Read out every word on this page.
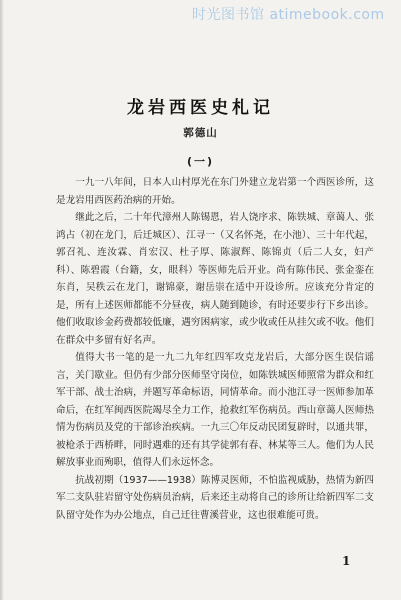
时光图书馆 atimebook.com
龙岩西医史札记
郭德山
(一)

一九一八年间，日本人山村厚光在东门外建立龙岩第一个西医诊所，这是龙岩用西医药治病的开始。

继此之后，二十年代漳州人陈锡恩，岩人饶序求、陈铁城、章蔼人、张鸿占（初在龙门，后迁城区）、江寻一（又名怀尧，在小池）、三十年代起，郭召礼、连汝霖、肖宏汉、杜子厚、陈淑辉、陈锦贞（后二人女，妇产科）、陈碧霞（台籍，女，眼科）等医师先后开业。尚有陈伟民、张金銮在东肖，吴秩云在龙门，谢锦豪，谢岳崇在适中开设诊所。应该充分肯定的是，所有上述医师都能不分昼夜，病人随到随诊，有时还要步行下乡出诊。他们收取诊金药费都较低廉，遇穷困病家，或少收或任从挂欠或不收。他们在群众中多留有好名声。

值得大书一笔的是一九二九年红四军攻克龙岩后，大部分医生误信谣言，关门歇业。但仍有少部分医师坚守岗位，如陈铁城医师照常为群众和红军干部、战士治病，并题写革命标语，同情革命。而小池江寻一医师参加革命后，在红军闽西医院竭尽全力工作，抢救红军伤病员。西山章蔼人医师热情为伤病员及党的干部诊治疾病。一九三〇年反动民团复辟时，以通共罪，被枪杀于西桥畔，同时遇难的还有其学徒郭有春、林某等三人。他们为人民解放事业而殉职，值得人们永远怀念。

抗战初期（1937——1938）陈博灵医师，不怕监视威胁，热情为新四军二支队驻岩留守处伤病员治病，后来还主动将自己的诊所让给新四军二支队留守处作为办公地点，自己迁往曹溪营业，这也很难能可贵。

1
